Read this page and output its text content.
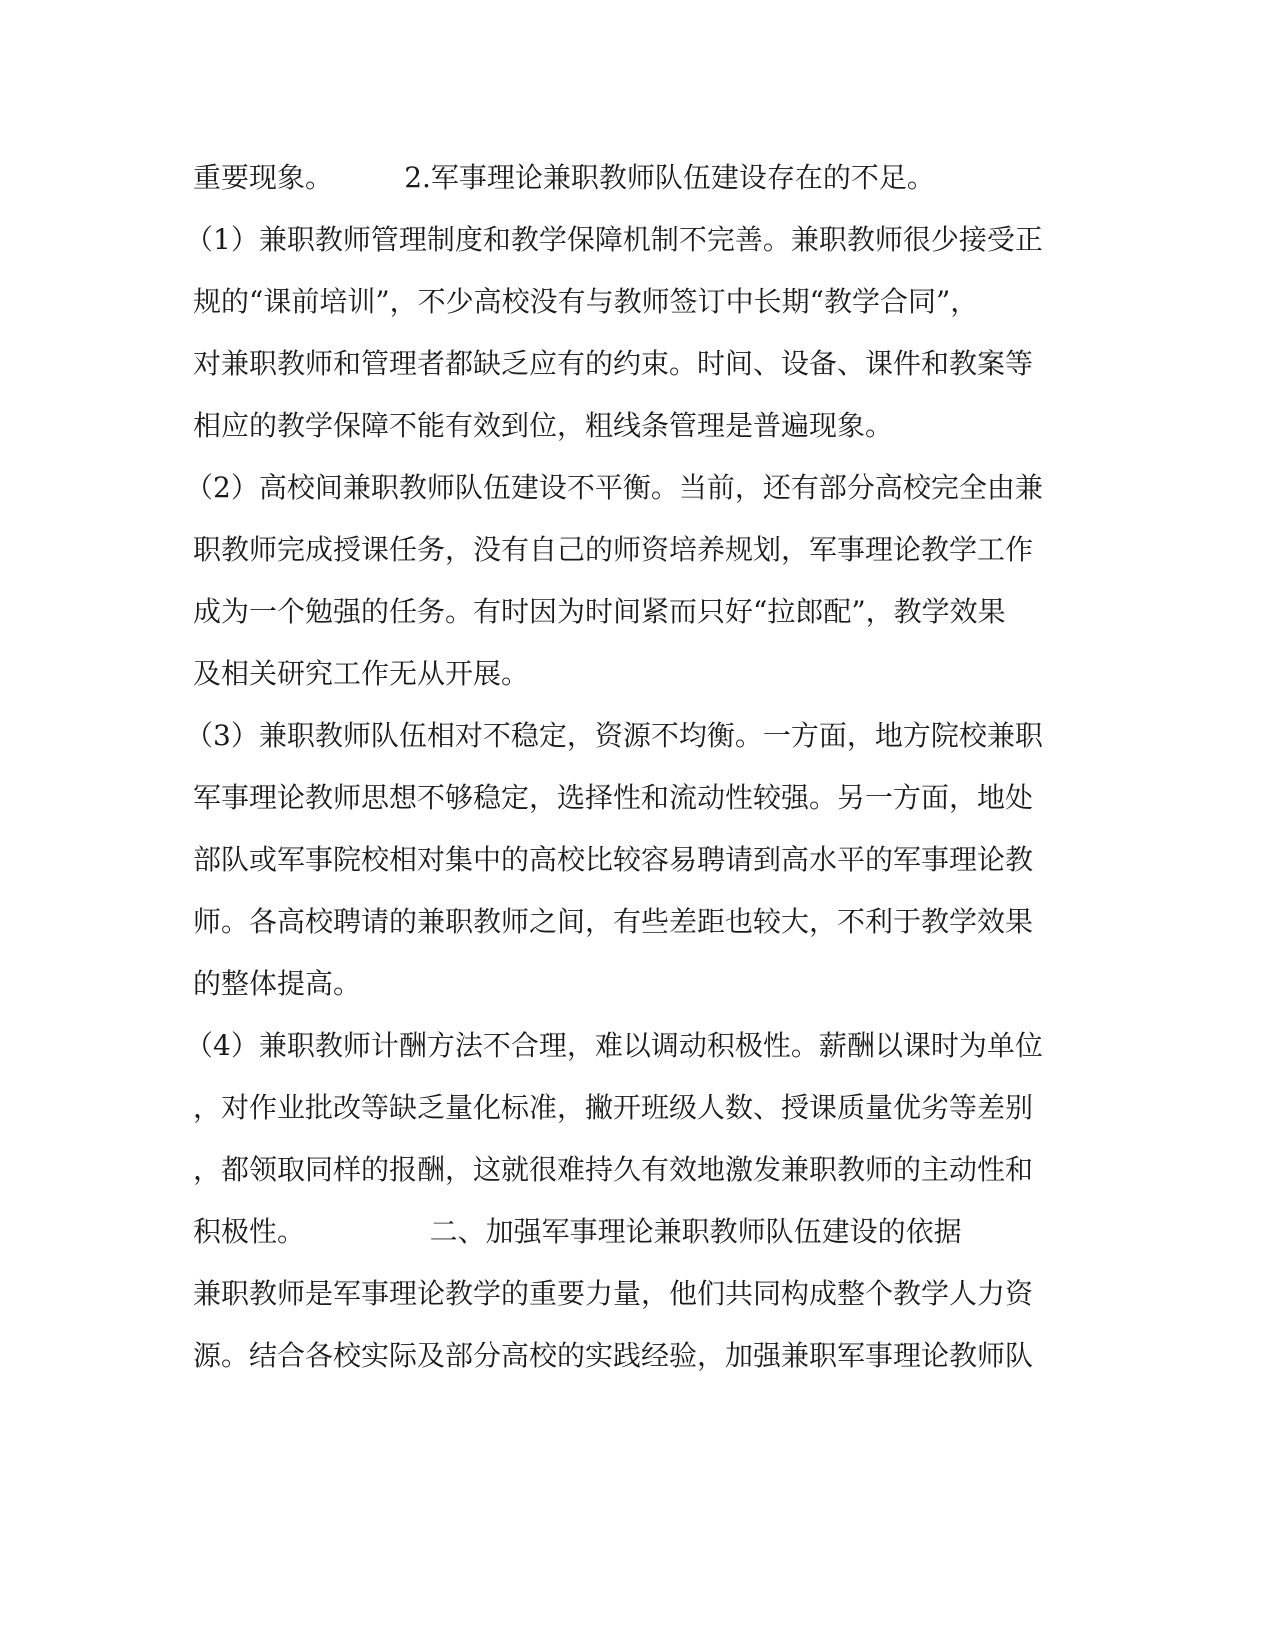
重要现象。        2.军事理论兼职教师队伍建设存在的不足。
（1）兼职教师管理制度和教学保障机制不完善。兼职教师很少接受正
规的“课前培训”，不少高校没有与教师签订中长期“教学合同”，
对兼职教师和管理者都缺乏应有的约束。时间、设备、课件和教案等
相应的教学保障不能有效到位，粗线条管理是普遍现象。
（2）高校间兼职教师队伍建设不平衡。当前，还有部分高校完全由兼
职教师完成授课任务，没有自己的师资培养规划，军事理论教学工作
成为一个勉强的任务。有时因为时间紧而只好“拉郎配”，教学效果
及相关研究工作无从开展。
（3）兼职教师队伍相对不稳定，资源不均衡。一方面，地方院校兼职
军事理论教师思想不够稳定，选择性和流动性较强。另一方面，地处
部队或军事院校相对集中的高校比较容易聘请到高水平的军事理论教
师。各高校聘请的兼职教师之间，有些差距也较大，不利于教学效果
的整体提高。
（4）兼职教师计酬方法不合理，难以调动积极性。薪酬以课时为单位
，对作业批改等缺乏量化标准，撇开班级人数、授课质量优劣等差别
，都领取同样的报酬，这就很难持久有效地激发兼职教师的主动性和
积极性。              二、加强军事理论兼职教师队伍建设的依据
兼职教师是军事理论教学的重要力量，他们共同构成整个教学人力资
源。结合各校实际及部分高校的实践经验，加强兼职军事理论教师队
